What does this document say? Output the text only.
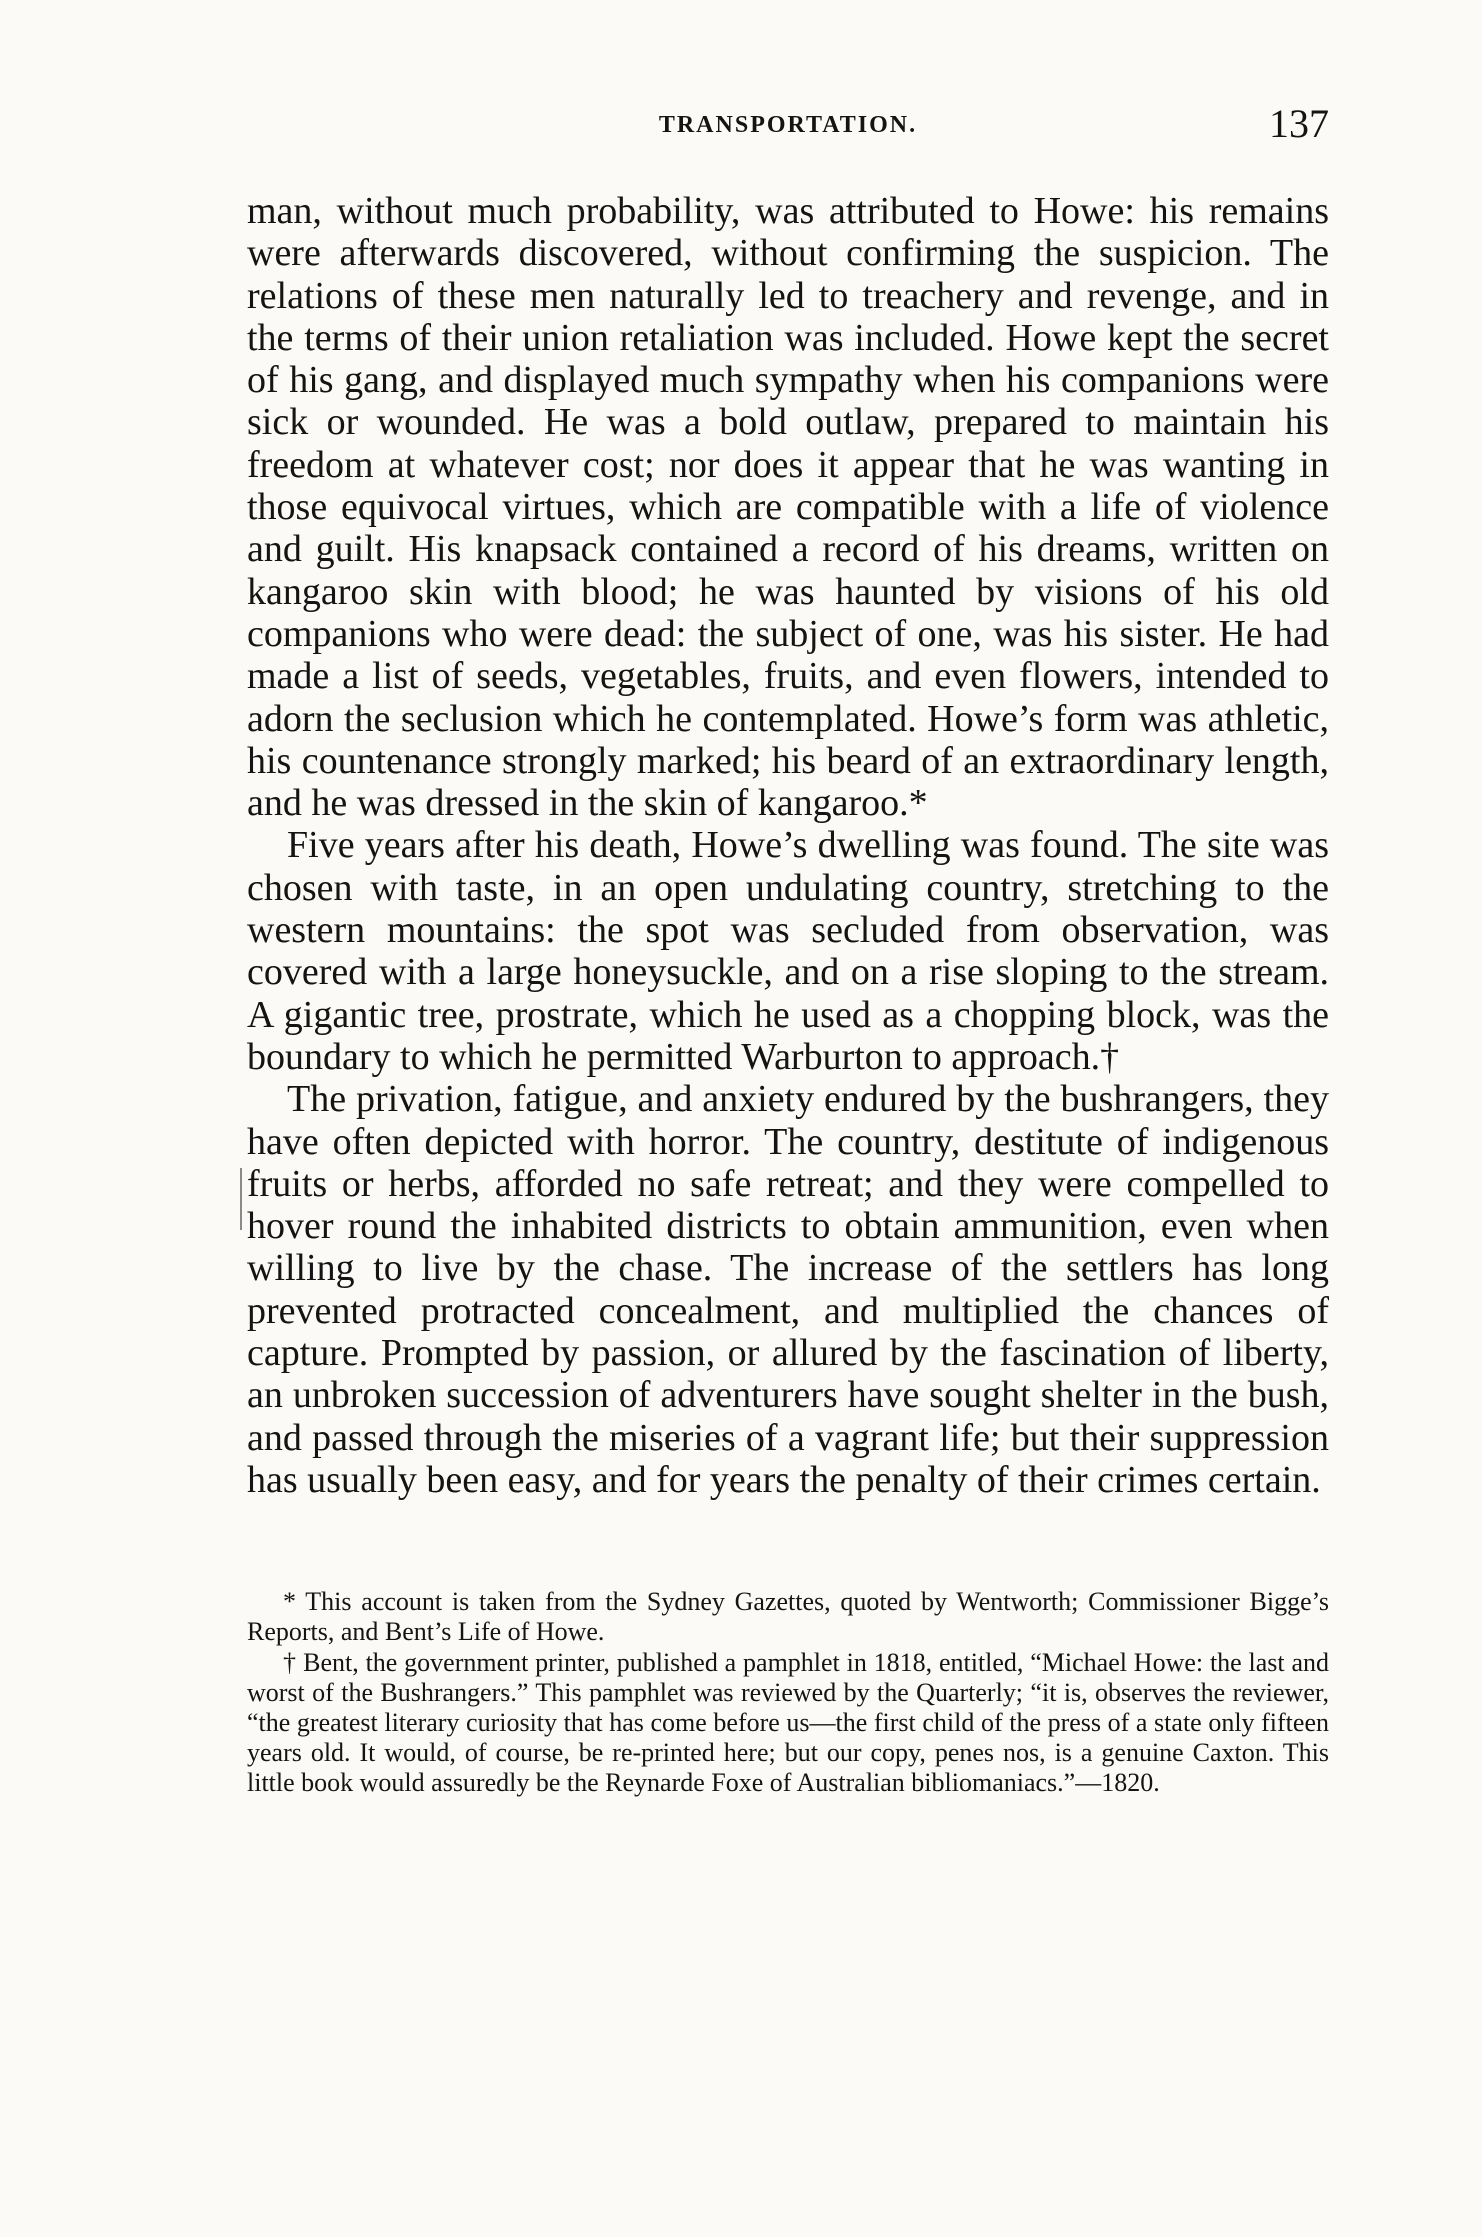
TRANSPORTATION.	137

man, without much probability, was attributed to Howe: his remains were afterwards discovered, without confirming the suspicion. The relations of these men naturally led to treachery and revenge, and in the terms of their union retaliation was included. Howe kept the secret of his gang, and displayed much sympathy when his companions were sick or wounded. He was a bold outlaw, prepared to maintain his freedom at whatever cost; nor does it appear that he was wanting in those equivocal virtues, which are compatible with a life of violence and guilt. His knapsack contained a record of his dreams, written on kangaroo skin with blood; he was haunted by visions of his old companions who were dead: the subject of one, was his sister. He had made a list of seeds, vegetables, fruits, and even flowers, intended to adorn the seclusion which he contemplated. Howe’s form was athletic, his countenance strongly marked; his beard of an extraordinary length, and he was dressed in the skin of kangaroo.*

Five years after his death, Howe’s dwelling was found. The site was chosen with taste, in an open undulating country, stretching to the western mountains: the spot was secluded from observation, was covered with a large honeysuckle, and on a rise sloping to the stream. A gigantic tree, prostrate, which he used as a chopping block, was the boundary to which he permitted Warburton to approach.†

The privation, fatigue, and anxiety endured by the bushrangers, they have often depicted with horror. The country, destitute of indigenous fruits or herbs, afforded no safe retreat; and they were compelled to hover round the inhabited districts to obtain ammunition, even when willing to live by the chase. The increase of the settlers has long prevented protracted concealment, and multiplied the chances of capture. Prompted by passion, or allured by the fascination of liberty, an unbroken succession of adventurers have sought shelter in the bush, and passed through the miseries of a vagrant life; but their suppression has usually been easy, and for years the penalty of their crimes certain.

* This account is taken from the Sydney Gazettes, quoted by Wentworth; Commissioner Bigge’s Reports, and Bent’s Life of Howe.

† Bent, the government printer, published a pamphlet in 1818, entitled, “Michael Howe: the last and worst of the Bushrangers.” This pamphlet was reviewed by the Quarterly; “it is, observes the reviewer, “the greatest literary curiosity that has come before us—the first child of the press of a state only fifteen years old. It would, of course, be re-printed here; but our copy, penes nos, is a genuine Caxton. This little book would assuredly be the Reynarde Foxe of Australian bibliomaniacs.”—1820.
